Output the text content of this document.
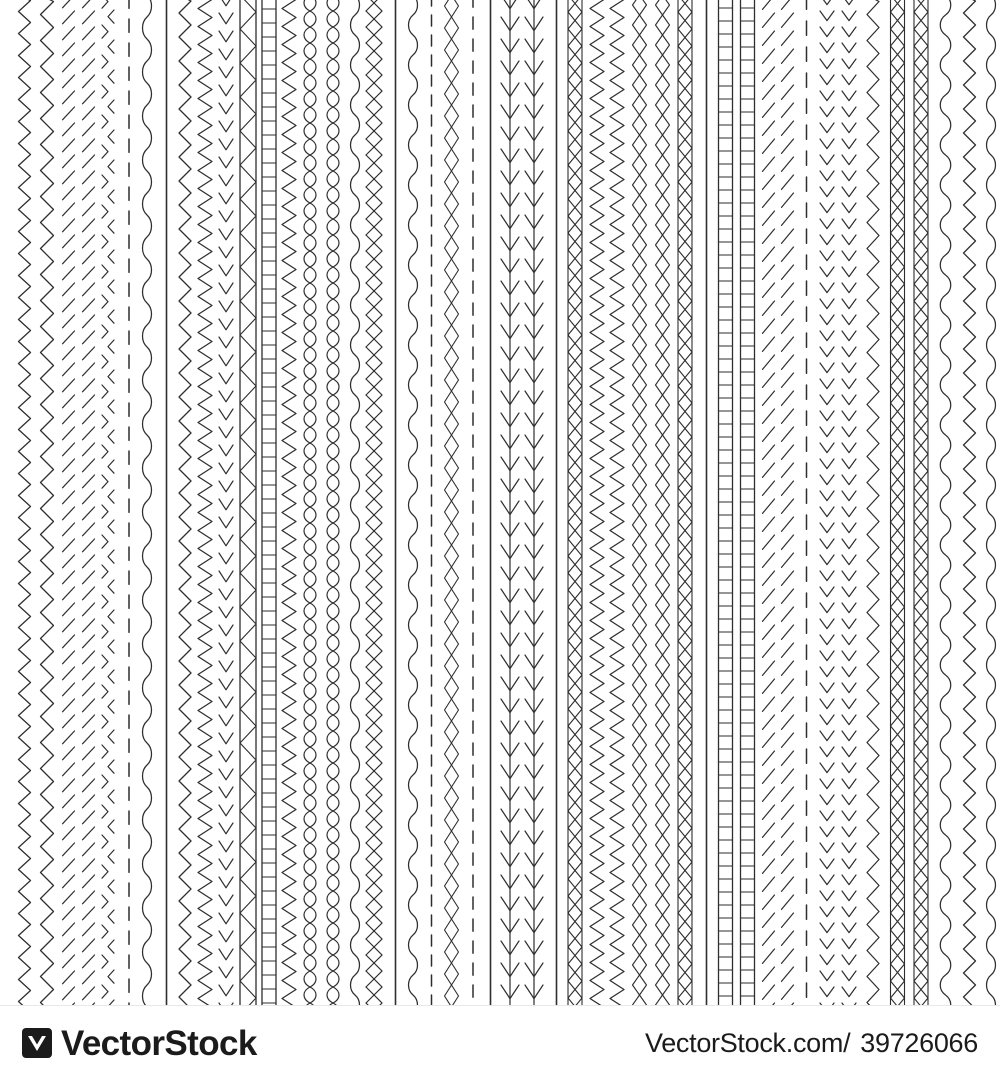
VectorStock	VectorStock.com/ 39726066
